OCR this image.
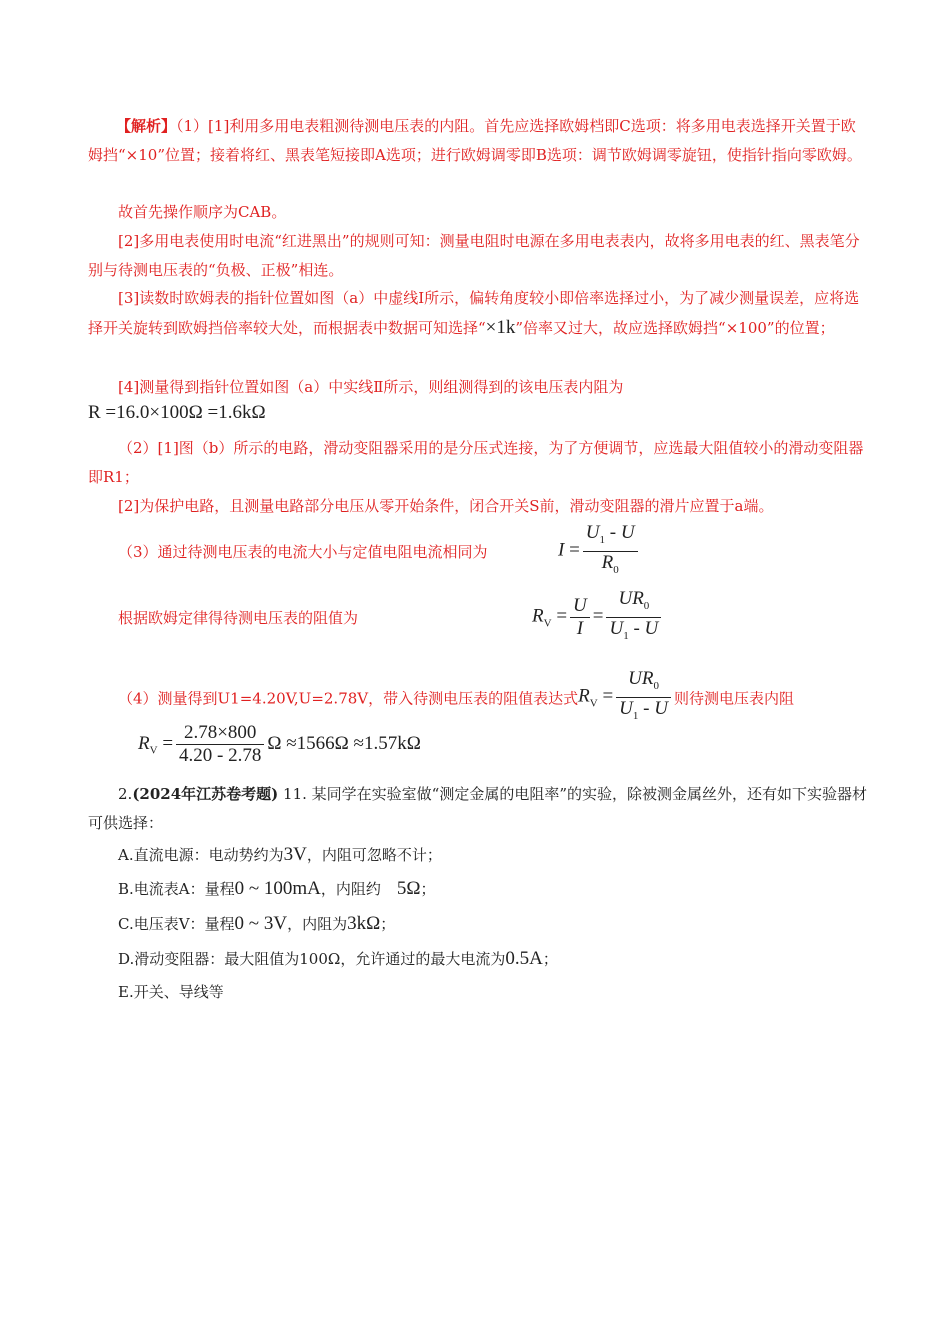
【解析】（1）[1]利用多用电表粗测待测电压表的内阻。首先应选择欧姆档即C选项：将多用电表选择开关置于欧姆挡“×10”位置；接着将红、黑表笔短接即A选项；进行欧姆调零即B选项：调节欧姆调零旋钮，使指针指向零欧姆。
故首先操作顺序为CAB。
[2]多用电表使用时电流“红进黑出”的规则可知：测量电阻时电源在多用电表表内，故将多用电表的红、黑表笔分别与待测电压表的“负极、正极”相连。
[3]读数时欧姆表的指针位置如图（a）中虚线Ⅰ所示，偏转角度较小即倍率选择过小，为了减少测量误差，应将选择开关旋转到欧姆挡倍率较大处，而根据表中数据可知选择“×1k”倍率又过大，故应选择欧姆挡“×100”的位置；
[4]测量得到指针位置如图（a）中实线Ⅱ所示，则组测得到的该电压表内阻为
R =16.0×100Ω =1.6kΩ
（2）[1]图（b）所示的电路，滑动变阻器采用的是分压式连接，为了方便调节，应选最大阻值较小的滑动变阻器即R1；
[2]为保护电路，且测量电路部分电压从零开始条件，闭合开关S前，滑动变阻器的滑片应置于a端。
（3）通过待测电压表的电流大小与定值电阻电流相同为	$I = \frac{U_1 - U}{R_0}$
根据欧姆定律得待测电压表的阻值为	$R_V = \frac{U}{I} = \frac{UR_0}{U_1 - U}$
（4）测量得到U1=4.20V,U=2.78V，带入待测电压表的阻值表达式$R_V = \frac{UR_0}{U_1 - U}$ 则待测电压表内阻
$R_V = \frac{2.78\times 800}{4.20 - 2.78}$ Ω ≈1566Ω ≈1.57kΩ
2.(2024年江苏卷考题) 11. 某同学在实验室做“测定金属的电阻率”的实验，除被测金属丝外，还有如下实验器材可供选择：
A.直流电源：电动势约为3V，内阻可忽略不计；
B.电流表A：量程0 ~ 100mA，内阻约 5Ω；
C.电压表V：量程0 ~ 3V，内阻为3kΩ；
D.滑动变阻器：最大阻值为100Ω，允许通过的最大电流为0.5A；
E.开关、导线等
